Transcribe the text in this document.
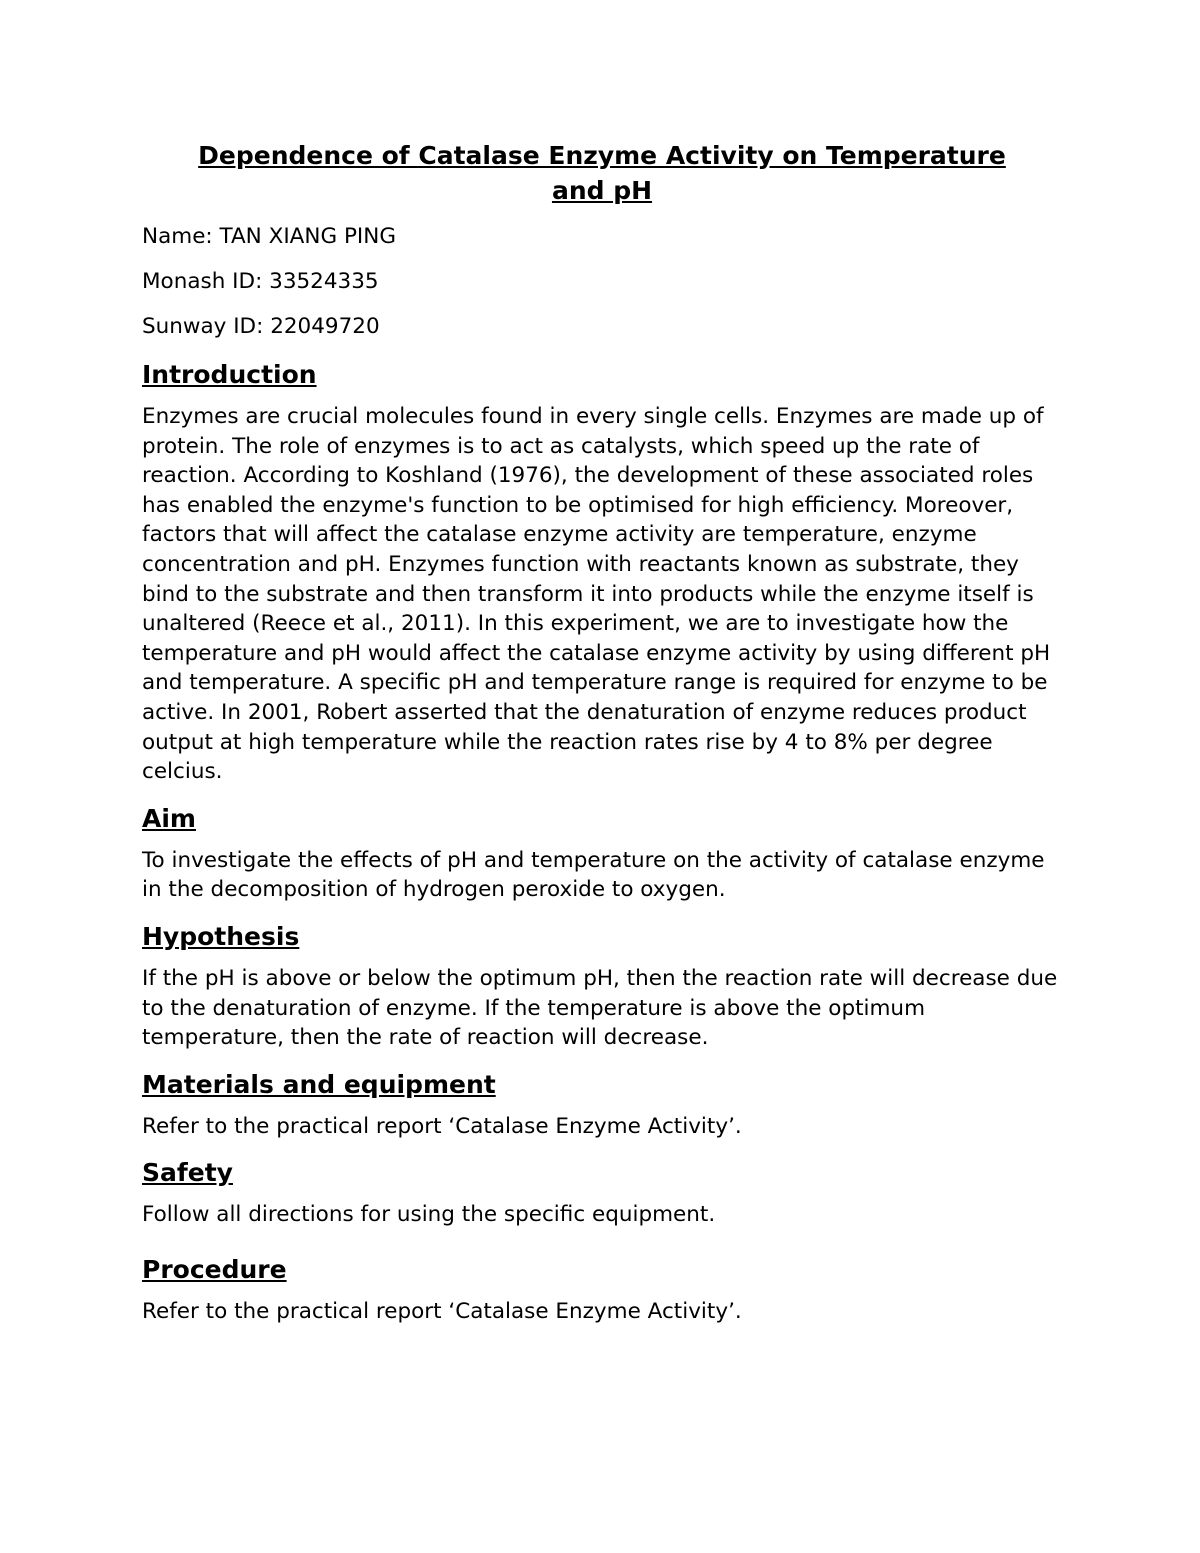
Dependence of Catalase Enzyme Activity on Temperature
and pH

Name: TAN XIANG PING

Monash ID: 33524335

Sunway ID: 22049720

Introduction

Enzymes are crucial molecules found in every single cells. Enzymes are made up of protein. The role of enzymes is to act as catalysts, which speed up the rate of reaction. According to Koshland (1976), the development of these associated roles has enabled the enzyme's function to be optimised for high efficiency. Moreover, factors that will affect the catalase enzyme activity are temperature, enzyme concentration and pH. Enzymes function with reactants known as substrate, they bind to the substrate and then transform it into products while the enzyme itself is unaltered (Reece et al., 2011). In this experiment, we are to investigate how the temperature and pH would affect the catalase enzyme activity by using different pH and temperature. A specific pH and temperature range is required for enzyme to be active. In 2001, Robert asserted that the denaturation of enzyme reduces product output at high temperature while the reaction rates rise by 4 to 8% per degree celcius.

Aim

To investigate the effects of pH and temperature on the activity of catalase enzyme in the decomposition of hydrogen peroxide to oxygen.

Hypothesis

If the pH is above or below the optimum pH, then the reaction rate will decrease due to the denaturation of enzyme. If the temperature is above the optimum temperature, then the rate of reaction will decrease.

Materials and equipment

Refer to the practical report ‘Catalase Enzyme Activity’.

Safety

Follow all directions for using the specific equipment.

Procedure

Refer to the practical report ‘Catalase Enzyme Activity’.
